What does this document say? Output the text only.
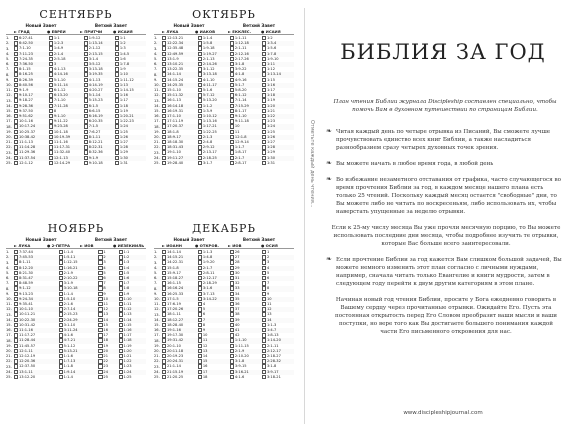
СЕНТЯБРЬ
Новый Завет	Ветхий Завет
► ГРАД	● ЕВРЕИ	► ПРИТЧИ	● ИСАИЯ
1.	6:27-41	1:1	1:9-12	1:1
2.	6:42-50	1:2-3	1:13-14	1:2
3.	7:1-10	1:4-9	2:1-12	1:3
4.	7:11-23	2:1-4	2:13-15	1:4-5
5.	7:24-35	2:5-18	3:1-4	1:6
6.	7:36-50	3	3:5-12	1:7-8
7.	8:1-15	4:1-13	3:13-18	1:9
8.	8:16-25	4:14-16	3:19-35	1:10
9.	8:26-39	5:1-10	4:1-13	1:11-12
10.	8:40-56	5:11-14	4:14-19	1:13
11.	9:1-9	6:1-12	4:20-27	1:14-15
12.	9:10-17	6:13-20	5:1-14	1:16
13.	9:18-27	7:1-10	5:15-23	1:17
14.	9:28-36	7:11-28	6:1-5	1:18
15.	9:37-50	8	6:6-15	1:19
16.	9:51-62	9:1-10	6:16-19	1:20-21
17.	10:1-16	9:11-22	6:20-35	1:22-23
18.	10:17-24	9:23-28	7:1-5	1:24
19.	10:25-37	10:1-18	7:6-27	1:25
20.	10:38-42	10:19-39	8:1-11	1:26
21.	11:1-13	11:1-16	8:12-21	1:27
22.	11:14-28	11:17-31	8:22-31	1:28
23.	11:29-36	11:32-40	8:32-36	1:29
24.	11:37-54	12:1-13	9:1-9	1:30
25.	12:1-12	12:14-29	9:10-18	1:31
ОКТЯБРЬ
Новый Завет	Ветхий Завет
► ЛУКА	● ИАКОВ	► ЕККЛЕС.	● ИСАИЯ
1.	12:13-21	1:1-4	1:1-11	1:2
2.	12:22-34	1:5-8	1:12-18	1:3-4
3.	12:35-48	1:9-18	2:1-11	1:5-6
4.	12:49-59	1:19-27	2:12-16	1:7-8
5.	13:1-9	2:1-13	2:17-26	1:9-10
6.	13:10-21	2:14-26	3:1-8	1:11
7.	13:22-35	3:1-12	3:9-22	1:12
8.	14:1-14	3:13-18	4:1-8	1:13-14
9.	14:15-24	4:1-10	4:9-16	1:15
10.	14:25-35	4:11-17	5:1-7	1:16
11.	15:1-10	5:1-6	5:8-20	1:17
12.	15:11-32	5:7-12	6:1-12	1:18
13.	16:1-13	5:13-20	7:1-14	1:19
14.	16:14-18	1:1-2	7:15-29	1:20
15.	16:19-31	1:3-9	8:1-17	1:21
16.	17:1-10	1:10-12	9:1-10	1:22
17.	17:11-19	1:13-16	9:11-18	1:23
18.	17:20-37	1:17-21	10	1:24
19.	18:1-8	1:22-25	11	1:25
20.	18:9-17	2:1-3	12:1-8	1:26
21.	18:18-30	2:4-8	12:9-14	1:27
22.	18:31-43	2:9-12	1:1-7	1:28
23.	19:1-10	2:13-17	1:8-17	1:29
24.	19:11-27	2:18-25	2:1-7	1:30
25.	19:28-40	3:1-7	2:8-17	1:31
НОЯБРЬ
Новый Завет	Ветхий Завет
► ЛУКА	● 2-ПЕТРА	► ИОВ	● ИЕЗЕКИИЛЬ
1.	7:37-44	1:1-4	1	1:1
2.	7:45-53	1:5-11	2	1:2
3.	8:1-11	1:12-15	3	1:3
4.	8:12-20	1:16-21	4	1:4
5.	8:21-30	2:1-9	5	1:5
6.	8:31-47	2:10-22	6	1:6
7.	8:48-59	3:1-9	7	1:7
8.	9:1-12	3:10-18	8	1:8
9.	9:13-23	1:1-4	9	1:9
10.	9:24-34	1:5-10	10	1:10
11.	9:35-41	2:1-6	11	1:11
12.	10:1-10	2:7-14	12	1:12
13.	10:11-21	2:15-23	13	1:13
14.	10:22-30	2:24-29	14	1:14
15.	10:31-42	3:1-10	15	1:15
16.	11:1-16	3:11-24	16	1:16
17.	11:17-27	4:1-6	17	1:17
18.	11:28-44	4:7-21	18	1:18
19.	11:45-57	5:1-12	19	1:19
20.	12:1-11	5:13-21	20	1:20
21.	12:12-19	1:1-6	21	1:21
22.	12:20-36	1:7-13	22	1:22
23.	12:37-50	1:1-8	23	1:23
24.	13:1-11	1:9-14	24	1:24
25.	13:12-20	1:1-4	25	1:25
ДЕКАБРЬ
Новый Завет	Ветхий Завет
► ИОАНН	● ОТКРОВ.	► ИОВ	● ОСИЯ
1.	14:1-14	1:1-3	26	1
2.	14:15-21	1:4-8	27	2
3.	14:22-31	1:9-20	28	3
4.	15:1-8	2:1-7	29	4
5.	15:9-17	2:8-11	30	5
6.	15:18-27	2:12-17	31	6
7.	16:1-15	2:18-29	32	7
8.	16:16-24	3:1-6	33	8
9.	16:25-33	3:7-13	34	9
10.	17:1-5	3:14-22	35	10
11.	17:6-19	4	36	11
12.	17:20-26	5	37	12
13.	18:1-11	6	38	13
14.	18:12-27	7	39	14
15.	18:28-40	8	40	1:1-3
16.	19:1-16	9	41	1:4-7
17.	19:17-30	10	42	1:8-13
18.	19:31-42	11	1:1-10	1:14-20
19.	20:1-10	12	1:11-15	2:1-11
20.	20:11-18	13	2:1-9	2:12-17
21.	20:19-23	14	2:10-20	2:18-27
22.	20:24-31	15	3:1-8	2:28-32
23.	21:1-14	16	3:9-15	3:1-8
24.	21:15-19	17	3:16-21	3:9-17
25.	21:20-25	18	4:1-6	3:18-21
Отметьте каждый день чтения...
БИБЛИЯ ЗА ГОД
План чтения Библии журнала Discipleship составлен специально, чтобы помочь Вам в духовном путешествии по страницам Библии.
❧ Читая каждый день по четыре отрывка из Писаний, Вы сможете лучше прочувствовать единство всех книг Библии, а также насладиться разнообразием сразу четырех духовных точек зрения.
❧ Вы можете начать в любое время года, в любой день
❧ Во избежание незаметного отставания от графика, часто случающегося во время прочтения Библии за год, в каждом месяце нашего плана есть только 25 чтений. Поскольку каждый месяц остается "свободные" дни, то Вы можете либо не читать по воскресеньям, либо использовать их, чтобы наверстать упущенные за неделю отрывки.
Если к 25-му числу месяца Вы уже прочли месячную порцию, то Вы можете использовать последние дни месяца, чтобы подробнее изучить те отрывки, которые Вас больше всего заинтересовали.
❧ Если прочтение Библии за год кажется Вам слишком большой задачей, Вы можете немного изменить этот план согласно с личными нуждами, например, сначала читать только Евангелие и книги мудрости, затем в следующем году перейти к двум другим категориям в этом плане.
Начиная новый год чтения Библии, просите у Бога ежедневно говорить в Вашему сердцу через прочитанные отрывки. Ожидайте Его. Пусть эта постоянная открытость перед Его Словом преобразит ваши мысли и ваши поступки, но вере того как Вы достигаете большего понимания каждой части Его письменного откровения для нас.
www.discipleshipjournal.com
